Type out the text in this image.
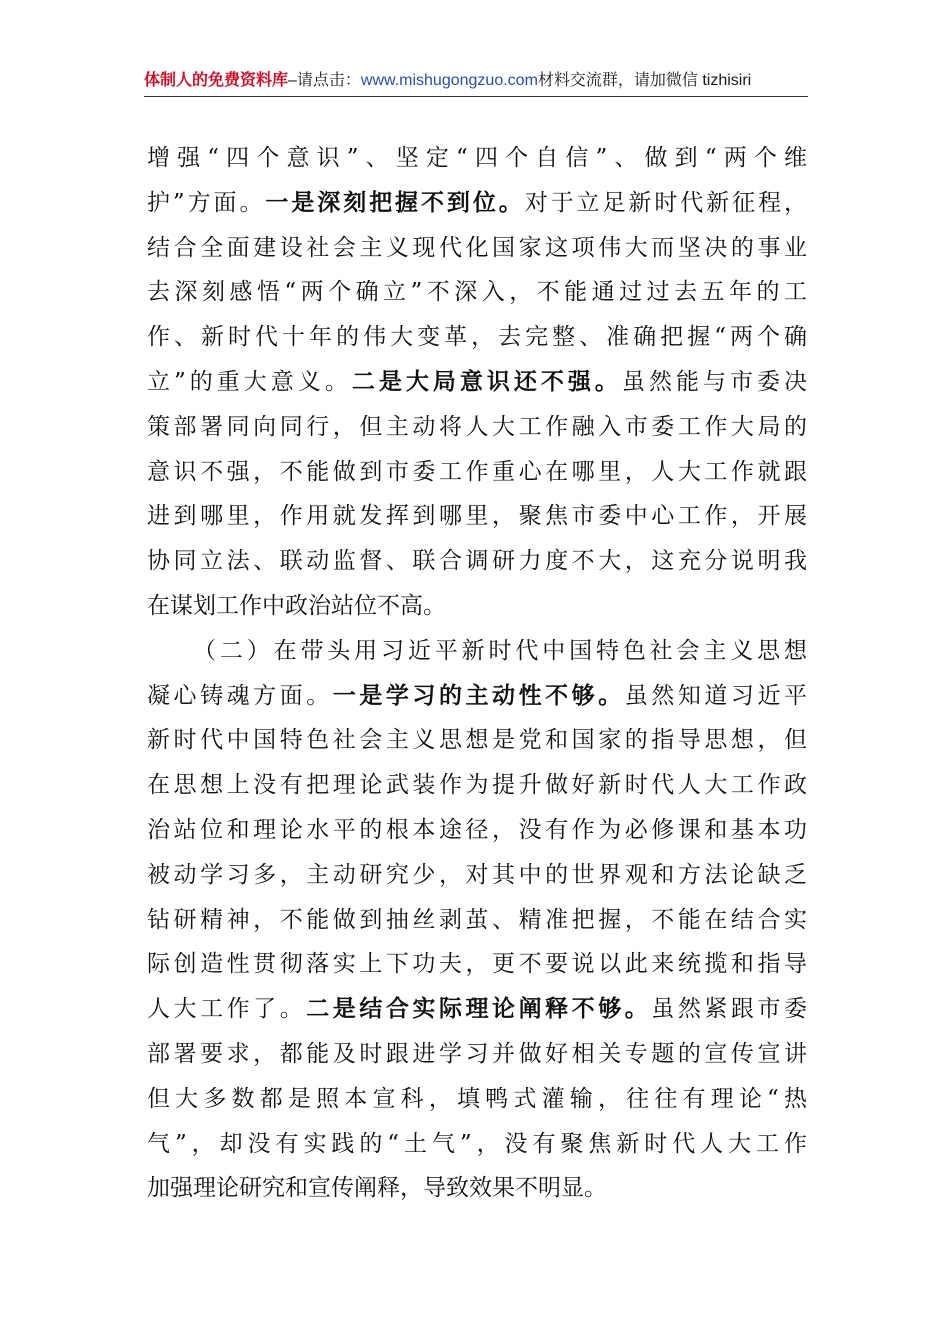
体制人的免费资料库–请点击：www.mishugongzuo.com材料交流群，请加微信 tizhisiri
增强“四个意识”、坚定“四个自信”、做到“两个维
护”方面。一是深刻把握不到位。对于立足新时代新征程，
结合全面建设社会主义现代化国家这项伟大而坚决的事业
去深刻感悟“两个确立”不深入，不能通过过去五年的工
作、新时代十年的伟大变革，去完整、准确把握“两个确
立”的重大意义。二是大局意识还不强。虽然能与市委决
策部署同向同行，但主动将人大工作融入市委工作大局的
意识不强，不能做到市委工作重心在哪里，人大工作就跟
进到哪里，作用就发挥到哪里，聚焦市委中心工作，开展
协同立法、联动监督、联合调研力度不大，这充分说明我
在谋划工作中政治站位不高。
（二）在带头用习近平新时代中国特色社会主义思想
凝心铸魂方面。一是学习的主动性不够。虽然知道习近平
新时代中国特色社会主义思想是党和国家的指导思想，但
在思想上没有把理论武装作为提升做好新时代人大工作政
治站位和理论水平的根本途径，没有作为必修课和基本功
被动学习多，主动研究少，对其中的世界观和方法论缺乏
钻研精神，不能做到抽丝剥茧、精准把握，不能在结合实
际创造性贯彻落实上下功夫，更不要说以此来统揽和指导
人大工作了。二是结合实际理论阐释不够。虽然紧跟市委
部署要求，都能及时跟进学习并做好相关专题的宣传宣讲
但大多数都是照本宣科，填鸭式灌输，往往有理论“热
气”，却没有实践的“土气”，没有聚焦新时代人大工作
加强理论研究和宣传阐释，导致效果不明显。
